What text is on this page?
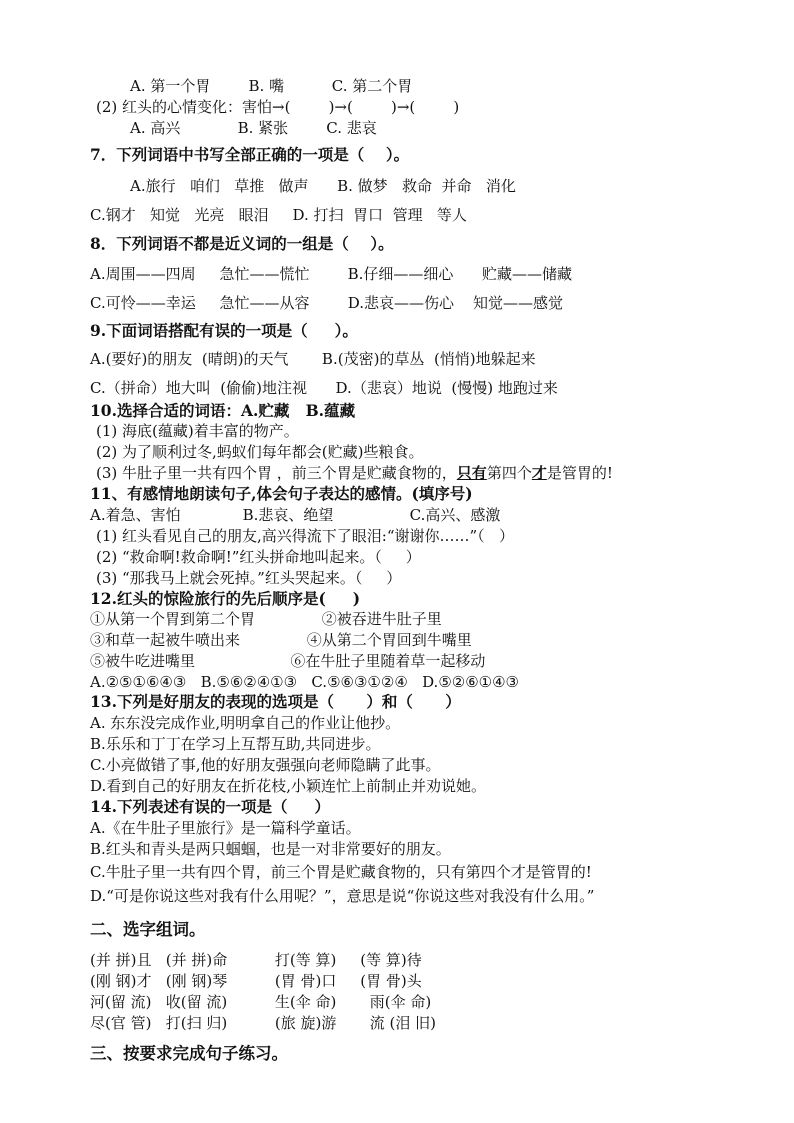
A. 第一个胃        B. 嘴          C. 第二个胃
(2) 红头的心情变化：害怕→(        )→(        )→(        )
A. 高兴            B. 紧张        C. 悲哀
7．下列词语中书写全部正确的一项是（    ）。
A.旅行   咱们   草推   做声      B. 做梦   救命  并命   消化
C.钢才   知觉   光亮   眼泪     D. 打扫  胃口  管理   等人
8．下列词语不都是近义词的一组是（    ）。
A.周围——四周     急忙——慌忙        B.仔细——细心      贮藏——储藏
C.可怜——幸运     急忙——从容        D.悲哀——伤心    知觉——感觉
9.下面词语搭配有误的一项是（     ）。
A.(要好)的朋友  (晴朗)的天气       B.(茂密)的草丛  (悄悄)地躲起来
C.（拼命）地大叫  (偷偷)地注视      D.（悲哀）地说  (慢慢) 地跑过来
10.选择合适的词语：A.贮藏   B.蕴藏
(1) 海底(蕴藏)着丰富的物产。
(2) 为了顺利过冬,蚂蚁们每年都会(贮藏)些粮食。
(3) 牛肚子里一共有四个胃 ，前三个胃是贮藏食物的，只有第四个才是管胃的!
11、有感情地朗读句子,体会句子表达的感情。(填序号)
A.着急、害怕             B.悲哀、绝望                C.高兴、感激
(1) 红头看见自己的朋友,高兴得流下了眼泪:“谢谢你……”（   ）
(2) “救命啊!救命啊!”红头拼命地叫起来。（     ）
(3) “那我马上就会死掉。”红头哭起来。（     ）
12.红头的惊险旅行的先后顺序是(     )
①从第一个胃到第二个胃              ②被吞进牛肚子里
③和草一起被牛喷出来              ④从第二个胃回到牛嘴里
⑤被牛吃进嘴里                    ⑥在牛肚子里随着草一起移动
A.②⑤①⑥④③   B.⑤⑥②④①③   C.⑤⑥③①②④   D.⑤②⑥①④③
13.下列是好朋友的表现的选项是（      ）和（      ）
A. 东东没完成作业,明明拿自己的作业让他抄。
B.乐乐和丁丁在学习上互帮互助,共同进步。
C.小亮做错了事,他的好朋友强强向老师隐瞒了此事。
D.看到自己的好朋友在折花枝,小颖连忙上前制止并劝说她。
14.下列表述有误的一项是（     ）
A.《在牛肚子里旅行》是一篇科学童话。
B.红头和青头是两只蝈蝈，也是一对非常要好的朋友。
C.牛肚子里一共有四个胃，前三个胃是贮藏食物的，只有第四个才是管胃的!
D.“可是你说这些对我有什么用呢？”，意思是说“你说这些对我没有什么用。”
二、选字组词。
(并 拼)且   (并 拼)命          打(等 算)     (等 算)待
(刚 钢)才   (刚 钢)琴          (胃 骨)口     (胃 骨)头
河(留 流)   收(留 流)          生(伞 命)       雨(伞 命)
尽(官 管)   打(扫 归)          (旅 旋)游       流 (泪 旧)
三、按要求完成句子练习。
